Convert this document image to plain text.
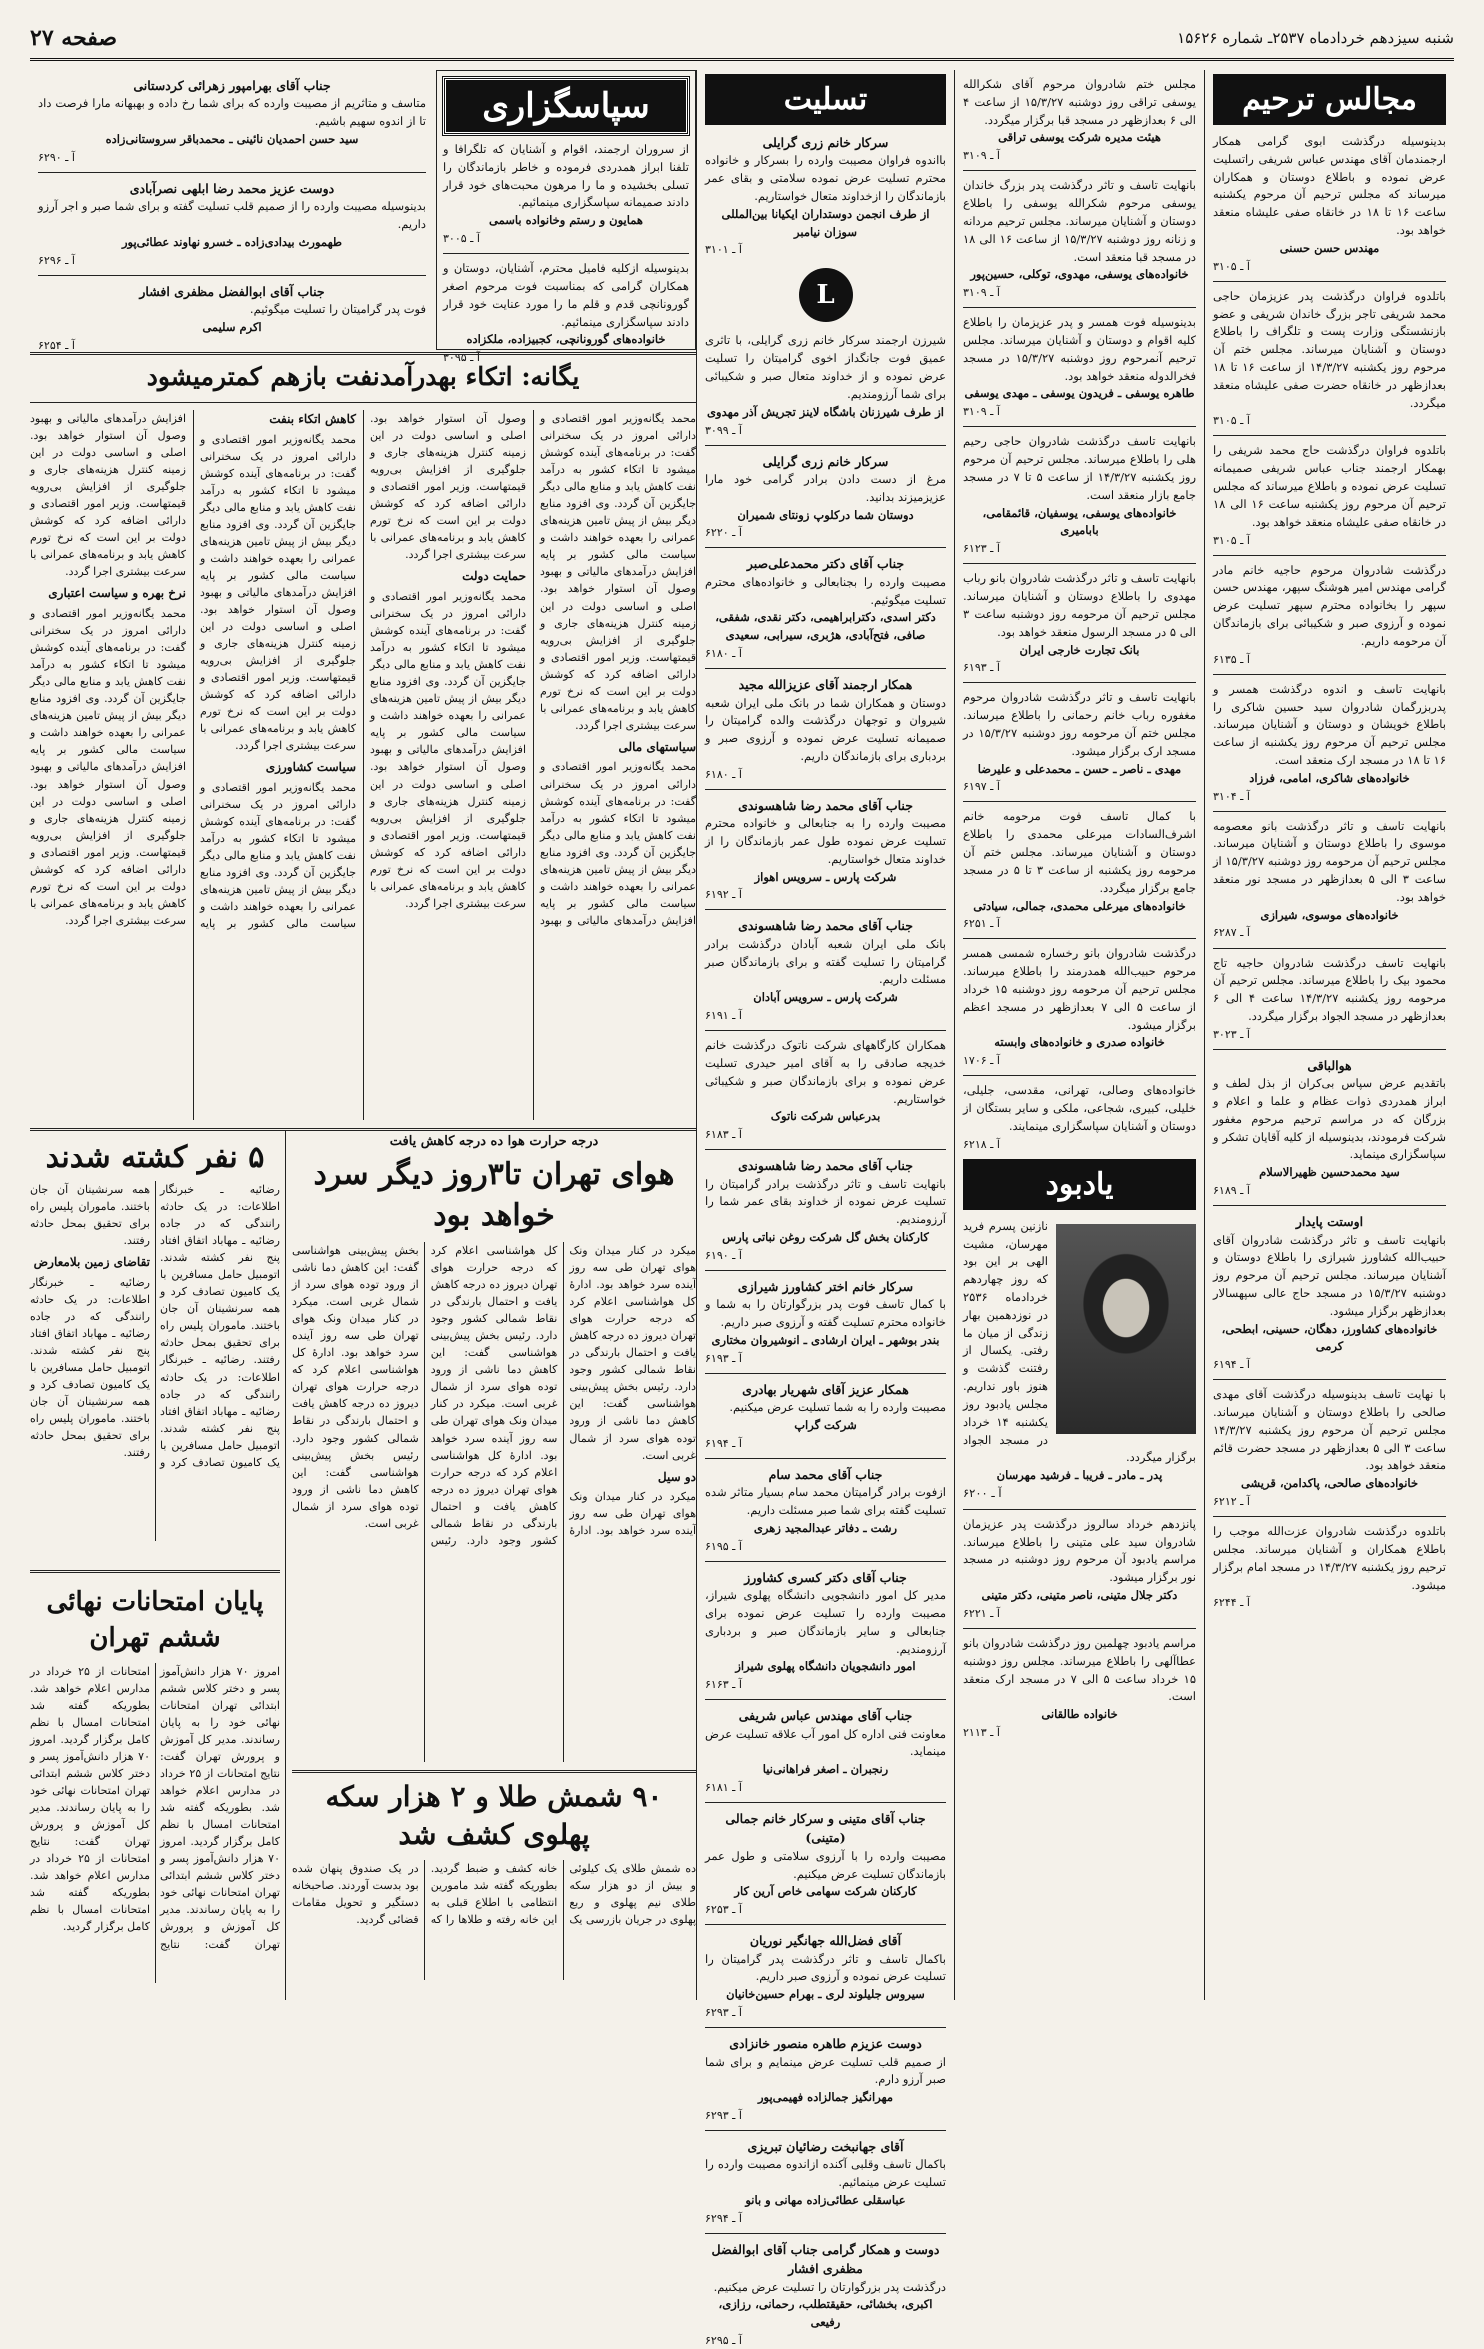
شنبه سیزدهم خردادماه ۲۵۳۷ـ شماره ۱۵۶۲۶
صفحه ۲۷
مجالس ترحیم
بدینوسیله درگذشت ابوی گرامی همکار ارجمندمان آقای مهندس عباس شریفی راتسلیت عرض نموده و باطلاع دوستان و همکاران میرساند که مجلس ترحیم آن مرحوم یکشنبه ساعت ۱۶ تا ۱۸ در خانقاه صفی علیشاه منعقد خواهد بود.
مهندس حسن حسنی
آ ـ ۳۱۰۵
باتلدوه فراوان درگذشت پدر عزیزمان حاجی محمد شریفی تاجر بزرگ خاندان شریفی و عضو بازنشستگی‌ وزارت پست و تلگراف را باطلاع دوستان و آشنایان میرساند. مجلس ختم آن مرحوم روز یکشنبه ۱۴/۳/۲۷ از ساعت ۱۶ تا ۱۸ بعدازظهر در خانقاه حضرت صفی علیشاه منعقد میگردد.
آ ـ ۳۱۰۵
باتلدوه فراوان درگذشت حاج محمد شریفی را بهمکار ارجمند جناب عباس شریفی صمیمانه تسلیت عرض نموده و باطلاع میرساند که مجلس ترحیم آن مرحوم روز یکشنبه ساعت ۱۶ الی ۱۸ در خانقاه صفی علیشاه منعقد خواهد بود.
آ ـ ۳۱۰۵
درگذشت شادروان مرحوم حاجیه خانم مادر گرامی مهندس امیر هوشنگ سپهر، مهندس حسن سپهر را بخانواده محترم سپهر تسلیت عرض نموده و آرزوی صبر و شکیبائی برای بازماندگان آن مرحومه داریم.
آ ـ ۶۱۳۵
بانهایت تاسف و اندوه درگذشت همسر و پدربزرگمان شادروان سید حسین شاکری را باطلاع خویشان و دوستان و آشنایان میرساند. مجلس ترحیم آن مرحوم روز یکشنبه از ساعت ۱۶ تا ۱۸ در مسجد ارک منعقد است.
خانواده‌های شاکری، امامی، فرزاد
آ ـ ۳۱۰۴
بانهایت تاسف و تاثر درگذشت بانو معصومه موسوی را باطلاع دوستان و آشنایان میرساند. مجلس ترحیم آن مرحومه روز دوشنبه ۱۵/۳/۲۷ از ساعت ۳ الی ۵ بعدازظهر در مسجد نور منعقد خواهد بود.
خانواده‌های موسوی، شیرازی
آ ـ ۶۲۸۷
بانهایت تاسف درگذشت شادروان حاجیه تاج محمود بیک را باطلاع میرساند. مجلس ترحیم آن مرحومه روز یکشنبه ۱۴/۳/۲۷ ساعت ۴ الی ۶ بعدازظهر در مسجد الجواد برگزار میگردد.
آ ـ ۳۰۲۳
هوالباقی
باتقدیم عرض سپاس بی‌کران از بذل لطف و ابراز همدردی ذوات عظام و علما و اعلام و بزرگان که در مراسم ترحیم مرحوم مغفور شرکت فرمودند، بدینوسیله از کلیه آقایان تشکر و سپاسگزاری مینماید.
سید محمدحسین ظهیرالاسلام
آ ـ ۶۱۸۹
اوستت پایدار
بانهایت تاسف و تاثر درگذشت شادروان آقای حبیب‌الله کشاورز شیرازی را باطلاع دوستان و آشنایان میرساند. مجلس ترحیم آن مرحوم روز دوشنبه ۱۵/۳/۲۷ در مسجد حاج عالی سپهسالار بعدازظهر برگزار میشود.
خانواده‌های کشاورز، دهگان، حسینی، ابطحی، کرمی
آ ـ ۶۱۹۴
با نهایت تاسف بدینوسیله درگذشت آقای مهدی صالحی را باطلاع دوستان و آشنایان میرساند. مجلس ترحیم آن مرحوم روز یکشنبه ۱۴/۳/۲۷ ساعت ۳ الی ۵ بعدازظهر در مسجد حضرت قائم منعقد خواهد بود.
خانواده‌های صالحی، پاکدامن، قریشی
آ ـ ۶۲۱۲
باتلدوه درگذشت شادروان عزت‌الله موجب را باطلاع همکاران و آشنایان میرساند. مجلس ترحیم روز یکشنبه ۱۴/۳/۲۷ در مسجد امام برگزار میشود.
آ ـ ۶۲۴۴
مجلس ختم شادروان مرحوم آقای شکرالله یوسفی تراقی روز دوشنبه ۱۵/۳/۲۷ از ساعت ۴ الی ۶ بعدازظهر در مسجد قبا برگزار میگردد.
هیئت مدیره شرکت یوسفی تراقی
آ ـ ۳۱۰۹
بانهایت تاسف و تاثر درگذشت پدر بزرگ خاندان یوسفی مرحوم شکرالله یوسفی را باطلاع دوستان و آشنایان میرساند. مجلس ترحیم مردانه و زنانه روز دوشنبه ۱۵/۳/۲۷ از ساعت ۱۶ الی ۱۸ در مسجد قبا منعقد است.
خانواده‌های یوسفی، مهدوی، توکلی، حسین‌پور
آ ـ ۳۱۰۹
بدینوسیله فوت همسر و پدر عزیزمان را باطلاع کلیه اقوام و دوستان و آشنایان میرساند. مجلس ترحیم آنمرحوم روز دوشنبه ۱۵/۳/۲۷ در مسجد فخرالدوله منعقد خواهد بود.
طاهره یوسفی ـ فریدون یوسفی ـ مهدی یوسفی
آ ـ ۳۱۰۹
بانهایت تاسف درگذشت شادروان حاجی رحیم هلی را باطلاع میرساند. مجلس ترحیم آن مرحوم روز یکشنبه ۱۴/۳/۲۷ از ساعت ۵ تا ۷ در مسجد جامع بازار منعقد است.
خانواده‌های یوسفی، یوسفیان، قائمقامی، بابامیری
آ ـ ۶۱۲۳
بانهایت تاسف و تاثر درگذشت شادروان بانو رباب مهدوی را باطلاع دوستان و آشنایان میرساند. مجلس ترحیم آن مرحومه روز دوشنبه ساعت ۳ الی ۵ در مسجد الرسول منعقد خواهد بود.
بانک تجارت خارجی ایران
آ ـ ۶۱۹۳
بانهایت تاسف و تاثر درگذشت شادروان مرحوم مغفوره رباب خانم رحمانی را باطلاع میرساند. مجلس ختم آن مرحومه روز دوشنبه ۱۵/۳/۲۷ در مسجد ارک برگزار میشود.
مهدی ـ ناصر ـ حسن ـ محمدعلی و علیرضا
آ ـ ۶۱۹۷
با کمال تاسف فوت مرحومه خانم اشرف‌السادات میرعلی محمدی را باطلاع دوستان و آشنایان میرساند. مجلس ختم آن مرحومه روز یکشنبه از ساعت ۳ تا ۵ در مسجد جامع برگزار میگردد.
خانواده‌های میرعلی محمدی، جمالی، سیادتی
آ ـ ۶۲۵۱
درگذشت شادروان بانو رخساره شمسی همسر مرحوم حبیب‌الله همدرمند را باطلاع میرساند. مجلس ترحیم آن مرحومه روز دوشنبه ۱۵ خرداد از ساعت ۵ الی ۷ بعدازظهر در مسجد اعظم برگزار میشود.
خانواده صدری و خانواده‌های وابسته
آ ـ ۱۷۰۶
خانواده‌های وصالی، تهرانی، مقدسی، جلیلی، خلیلی، کبیری، شجاعی، ملکی و سایر بستگان از دوستان و آشنایان سپاسگزاری مینمایند.
آ ـ ۶۲۱۸
یادبود
نازنین پسرم فرید مهرسان، مشیت الهی بر این بود که روز چهاردهم خردادماه ۲۵۳۶ در نوزدهمین بهار زندگی از میان ما رفتی. یکسال از رفتنت گذشت و هنوز باور نداریم. مجلس یادبود روز یکشنبه ۱۴ خرداد در مسجد الجواد برگزار میگردد.
پدر ـ مادر ـ فریبا ـ فرشید مهرسان
آ ـ ۶۲۰۰
پانزدهم خرداد سالروز درگذشت پدر عزیزمان شادروان سید علی متینی را باطلاع میرساند. مراسم یادبود آن مرحوم روز دوشنبه در مسجد نور برگزار میشود.
دکتر جلال متینی، ناصر متینی، دکتر متینی
آ ـ ۶۲۲۱
مراسم یادبود چهلمین روز درگذشت شادروان بانو عطاآلهی را باطلاع میرساند. مجلس روز دوشنبه ۱۵ خرداد ساعت ۵ الی ۷ در مسجد ارک منعقد است.
خانواده طالقانی
آ ـ ۲۱۱۳
تسلیت
سرکار خانم زری گرایلی
بااندوه فراوان مصیبت وارده را بسرکار و خانواده محترم تسلیت عرض نموده سلامتی و بقای عمر بازماندگان را ازخداوند متعال خواستاریم.
از طرف انجمن دوستداران ایکیانا بین‌المللی سوزان نیامبر
آ ـ ۳۱۰۱
L
شیرزن ارجمند سرکار خانم زری گرایلی، با تاثری عمیق فوت جانگداز اخوی گرامیتان را تسلیت عرض نموده و از خداوند متعال صبر و شکیبائی برای شما آرزومندیم.
از طرف شیرزنان باشگاه لاینز تجریش آذر مهدوی
آ ـ ۳۰۹۹
سرکار خانم زری گرایلی
مرغ از دست دادن برادر گرامی خود مارا عزیزمیزند بدانید.
دوستان شما درکلوپ زونتای شمیران
آ ـ ۶۲۲۰
جناب آقای دکتر محمدعلی‌صبر
مصیبت وارده را بجنابعالی و خانواده‌های محترم تسلیت میگوئیم.
دکتر اسدی، دکترابراهیمی، دکتر نقدی، شفقی، صافی، فتح‌آبادی، هژبری، سیرابی، سعیدی
آ ـ ۶۱۸۰
همکار ارجمند آقای عزیزالله مجید
دوستان و همکاران شما در بانک ملی ایران شعبه شیروان و توجهان درگذشت والده گرامیتان را صمیمانه تسلیت عرض نموده و آرزوی صبر و بردباری برای بازماندگان داریم.
آ ـ ۶۱۸۰
جناب آقای محمد رضا شاهسوندی
مصیبت وارده را به جنابعالی و خانواده محترم تسلیت عرض نموده طول عمر بازماندگان را از خداوند متعال خواستاریم.
شرکت پارس ـ سرویس اهواز
آ ـ ۶۱۹۲
جناب آقای محمد رضا شاهسوندی
بانک ملی ایران شعبه آبادان درگذشت برادر گرامیتان را تسلیت گفته و برای بازماندگان صبر مسئلت داریم.
شرکت پارس ـ سرویس آبادان
آ ـ ۶۱۹۱
همکاران کارگاههای شرکت ناتوک درگذشت خانم خدیجه صادقی را به آقای امیر حیدری تسلیت عرض نموده و برای بازماندگان صبر و شکیبائی خواستاریم.
بدرعباس شرکت ناتوک
آ ـ ۶۱۸۳
جناب آقای محمد رضا شاهسوندی
بانهایت تاسف و تاثر درگذشت برادر گرامیتان را تسلیت عرض نموده از خداوند بقای عمر شما را آرزومندیم.
کارکنان بخش گل شرکت روغن نباتی پارس
آ ـ ۶۱۹۰
سرکار خانم اختر کشاورز شیرازی
با کمال تاسف فوت پدر بزرگوارتان را به شما و خانواده محترم تسلیت گفته و آرزوی صبر داریم.
بندر بوشهر ـ ایران ارشادی ـ انوشیروان مختاری
آ ـ ۶۱۹۳
همکار عزیز آقای شهریار بهادری
مصیبت وارده را به شما تسلیت عرض میکنیم.
شرکت گراپ
آ ـ ۶۱۹۴
جناب آقای محمد سام
ازفوت برادر گرامیتان محمد سام بسیار متاثر شده تسلیت گفته برای شما صبر مسئلت داریم.
رشت ـ دفاتر عبدالمجید زهری
آ ـ ۶۱۹۵
جناب آقای دکتر کسری کشاورز
مدیر کل امور دانشجویی دانشگاه پهلوی شیراز، مصیبت وارده را تسلیت عرض نموده برای جنابعالی و سایر بازماندگان صبر و بردباری آرزومندیم.
امور دانشجویان دانشگاه پهلوی شیراز
آ ـ ۶۱۶۳
جناب آقای مهندس عباس شریفی
معاونت فنی اداره کل امور آب علاقه تسلیت عرض مینماید.
رنجبران ـ اصغر فراهانی‌نیا
آ ـ ۶۱۸۱
جناب آقای متینی و سرکار خانم جمالی (متینی)
مصیبت وارده را با آرزوی سلامتی و طول عمر بازماندگان تسلیت عرض میکنیم.
کارکنان شرکت سهامی خاص آرین کار
آ ـ ۶۲۵۳
آقای فضل‌الله جهانگیر نوریان
باکمال تاسف و تاثر درگذشت پدر گرامیتان را تسلیت عرض نموده و آرزوی صبر داریم.
سیروس جلیلوند لری ـ بهرام حسین‌خانیان
آ ـ ۶۲۹۳
دوست عزیزم طاهره منصور خانزادی
از صمیم قلب تسلیت عرض مینمایم و برای شما صبر آرزو دارم.
مهرانگیز جمالزاده فهیمی‌پور
آ ـ ۶۲۹۳
آقای جهانبخت رضائیان تبریزی
باکمال تاسف وقلبی آکنده ازاندوه مصیبت وارده را تسلیت عرض مینمائیم.
عباسقلی عطائی‌زاده مهانی و بانو
آ ـ ۶۲۹۴
دوست و همکار گرامی جناب آقای ابوالفضل مظفری افشار
درگذشت پدر بزرگوارتان را تسلیت عرض میکنیم.
اکبری، بخشائی، حقیقتطلب، رحمانی، رزازی، رفیعی
آ ـ ۶۲۹۵
سپاسگزاری
از سروران ارجمند، اقوام و آشنایان که تلگرافا و تلفنا ابراز همدردی فرموده و خاطر بازماندگان را تسلی بخشیده و ما را مرهون محبت‌های خود قرار دادند صمیمانه سپاسگزاری مینمائیم.
همایون و رستم وخانواده باسمی
آ ـ ۳۰۰۵
بدینوسیله ازکلیه فامیل محترم، آشنایان، دوستان و همکاران گرامی که بمناسبت فوت مرحوم اصغر گورونانچی قدم و قلم ما را مورد عنایت خود قرار دادند سپاسگزاری مینمائیم.
خانواده‌های گورونانچی، کجبیزاده، ملکزاده
آ ـ ۳۰۹۵
جناب آقای بهرامپور زهرائی کردستانی
متاسف و متاثریم از مصیبت وارده که برای شما رخ داده و بهبهانه مارا فرصت داد تا از اندوه سهیم باشیم.
سید حسن احمدیان نائینی ـ محمدباقر سروستانی‌زاده
آ ـ ۶۲۹۰
دوست عزیز محمد رضا ابلهی نصرآبادی
بدینوسیله مصیبت وارده را از صمیم قلب تسلیت گفته و برای شما صبر و اجر آرزو داریم.
طهمورث بیدادی‌زاده ـ خسرو نهاوند عطائی‌پور
آ ـ ۶۲۹۶
جناب آقای ابوالفضل مظفری افشار
فوت پدر گرامیتان را تسلیت میگوئیم.
اکرم سلیمی
آ ـ ۶۲۵۴
یگانه: اتکاء بهدرآمدنفت بازهم کمترمیشود
محمد یگانه‌وزیر امور اقتصادی و دارائی امروز در یک سخنرانی گفت: در برنامه‌های آینده کوشش میشود تا اتکاء کشور به درآمد نفت کاهش یابد و منابع مالی دیگر جایگزین آن گردد. وی افزود منابع دیگر بیش از پیش تامین هزینه‌های عمرانی را بعهده خواهند داشت و سیاست مالی کشور بر پایه افزایش درآمدهای مالیاتی و بهبود وصول آن استوار خواهد بود. اصلی و اساسی دولت در این زمینه کنترل هزینه‌های جاری و جلوگیری از افزایش بی‌رویه قیمتهاست. وزیر امور اقتصادی و دارائی اضافه کرد که کوشش دولت بر این است که نرخ تورم کاهش یابد و برنامه‌های عمرانی با سرعت بیشتری اجرا گردد.
سیاستهای مالی
محمد یگانه‌وزیر امور اقتصادی و دارائی امروز در یک سخنرانی گفت: در برنامه‌های آینده کوشش میشود تا اتکاء کشور به درآمد نفت کاهش یابد و منابع مالی دیگر جایگزین آن گردد. وی افزود منابع دیگر بیش از پیش تامین هزینه‌های عمرانی را بعهده خواهند داشت و سیاست مالی کشور بر پایه افزایش درآمدهای مالیاتی و بهبود وصول آن استوار خواهد بود. اصلی و اساسی دولت در این زمینه کنترل هزینه‌های جاری و جلوگیری از افزایش بی‌رویه قیمتهاست. وزیر امور اقتصادی و دارائی اضافه کرد که کوشش دولت بر این است که نرخ تورم کاهش یابد و برنامه‌های عمرانی با سرعت بیشتری اجرا گردد.
حمایت دولت
محمد یگانه‌وزیر امور اقتصادی و دارائی امروز در یک سخنرانی گفت: در برنامه‌های آینده کوشش میشود تا اتکاء کشور به درآمد نفت کاهش یابد و منابع مالی دیگر جایگزین آن گردد. وی افزود منابع دیگر بیش از پیش تامین هزینه‌های عمرانی را بعهده خواهند داشت و سیاست مالی کشور بر پایه افزایش درآمدهای مالیاتی و بهبود وصول آن استوار خواهد بود. اصلی و اساسی دولت در این زمینه کنترل هزینه‌های جاری و جلوگیری از افزایش بی‌رویه قیمتهاست. وزیر امور اقتصادی و دارائی اضافه کرد که کوشش دولت بر این است که نرخ تورم کاهش یابد و برنامه‌های عمرانی با سرعت بیشتری اجرا گردد.
کاهش اتکاء بنفت
محمد یگانه‌وزیر امور اقتصادی و دارائی امروز در یک سخنرانی گفت: در برنامه‌های آینده کوشش میشود تا اتکاء کشور به درآمد نفت کاهش یابد و منابع مالی دیگر جایگزین آن گردد. وی افزود منابع دیگر بیش از پیش تامین هزینه‌های عمرانی را بعهده خواهند داشت و سیاست مالی کشور بر پایه افزایش درآمدهای مالیاتی و بهبود وصول آن استوار خواهد بود. اصلی و اساسی دولت در این زمینه کنترل هزینه‌های جاری و جلوگیری از افزایش بی‌رویه قیمتهاست. وزیر امور اقتصادی و دارائی اضافه کرد که کوشش دولت بر این است که نرخ تورم کاهش یابد و برنامه‌های عمرانی با سرعت بیشتری اجرا گردد.
سیاست کشاورزی
محمد یگانه‌وزیر امور اقتصادی و دارائی امروز در یک سخنرانی گفت: در برنامه‌های آینده کوشش میشود تا اتکاء کشور به درآمد نفت کاهش یابد و منابع مالی دیگر جایگزین آن گردد. وی افزود منابع دیگر بیش از پیش تامین هزینه‌های عمرانی را بعهده خواهند داشت و سیاست مالی کشور بر پایه افزایش درآمدهای مالیاتی و بهبود وصول آن استوار خواهد بود. اصلی و اساسی دولت در این زمینه کنترل هزینه‌های جاری و جلوگیری از افزایش بی‌رویه قیمتهاست. وزیر امور اقتصادی و دارائی اضافه کرد که کوشش دولت بر این است که نرخ تورم کاهش یابد و برنامه‌های عمرانی با سرعت بیشتری اجرا گردد.
نرخ بهره و سیاست اعتباری
محمد یگانه‌وزیر امور اقتصادی و دارائی امروز در یک سخنرانی گفت: در برنامه‌های آینده کوشش میشود تا اتکاء کشور به درآمد نفت کاهش یابد و منابع مالی دیگر جایگزین آن گردد. وی افزود منابع دیگر بیش از پیش تامین هزینه‌های عمرانی را بعهده خواهند داشت و سیاست مالی کشور بر پایه افزایش درآمدهای مالیاتی و بهبود وصول آن استوار خواهد بود. اصلی و اساسی دولت در این زمینه کنترل هزینه‌های جاری و جلوگیری از افزایش بی‌رویه قیمتهاست. وزیر امور اقتصادی و دارائی اضافه کرد که کوشش دولت بر این است که نرخ تورم کاهش یابد و برنامه‌های عمرانی با سرعت بیشتری اجرا گردد.
درجه حرارت هوا ده درجه کاهش یافت
هوای تهران تا۳روز دیگر سرد خواهد بود
میکرد در کنار میدان ونک هوای تهران طی سه روز آینده سرد خواهد بود. ادارهٔ کل هواشناسی اعلام کرد که درجه حرارت هوای تهران دیروز ده درجه کاهش یافت و احتمال بارندگی در نقاط شمالی کشور وجود دارد. رئیس بخش پیش‌بینی هواشناسی گفت: این کاهش دما ناشی از ورود توده هوای سرد از شمال غربی است.
دو سیل
میکرد در کنار میدان ونک هوای تهران طی سه روز آینده سرد خواهد بود. ادارهٔ کل هواشناسی اعلام کرد که درجه حرارت هوای تهران دیروز ده درجه کاهش یافت و احتمال بارندگی در نقاط شمالی کشور وجود دارد. رئیس بخش پیش‌بینی هواشناسی گفت: این کاهش دما ناشی از ورود توده هوای سرد از شمال غربی است. میکرد در کنار میدان ونک هوای تهران طی سه روز آینده سرد خواهد بود. ادارهٔ کل هواشناسی اعلام کرد که درجه حرارت هوای تهران دیروز ده درجه کاهش یافت و احتمال بارندگی در نقاط شمالی کشور وجود دارد. رئیس بخش پیش‌بینی هواشناسی گفت: این کاهش دما ناشی از ورود توده هوای سرد از شمال غربی است. میکرد در کنار میدان ونک هوای تهران طی سه روز آینده سرد خواهد بود. ادارهٔ کل هواشناسی اعلام کرد که درجه حرارت هوای تهران دیروز ده درجه کاهش یافت و احتمال بارندگی در نقاط شمالی کشور وجود دارد. رئیس بخش پیش‌بینی هواشناسی گفت: این کاهش دما ناشی از ورود توده هوای سرد از شمال غربی است.
۵ نفر کشته شدند
رضائیه ـ خبرنگار اطلاعات: در یک حادثه رانندگی که در جاده رضائیه ـ مهاباد اتفاق افتاد پنج نفر کشته شدند. اتومبیل حامل مسافرین با یک کامیون تصادف کرد و همه سرنشینان آن جان باختند. ماموران پلیس راه برای تحقیق بمحل حادثه رفتند. رضائیه ـ خبرنگار اطلاعات: در یک حادثه رانندگی که در جاده رضائیه ـ مهاباد اتفاق افتاد پنج نفر کشته شدند. اتومبیل حامل مسافرین با یک کامیون تصادف کرد و همه سرنشینان آن جان باختند. ماموران پلیس راه برای تحقیق بمحل حادثه رفتند.
تقاضای زمین بلامعارض
رضائیه ـ خبرنگار اطلاعات: در یک حادثه رانندگی که در جاده رضائیه ـ مهاباد اتفاق افتاد پنج نفر کشته شدند. اتومبیل حامل مسافرین با یک کامیون تصادف کرد و همه سرنشینان آن جان باختند. ماموران پلیس راه برای تحقیق بمحل حادثه رفتند.
پایان امتحانات نهائی ششم تهران
امروز ۷۰ هزار دانش‌آموز پسر و دختر کلاس ششم ابتدائی تهران امتحانات نهائی خود را به پایان رساندند. مدیر کل آموزش و پرورش تهران گفت: نتایج امتحانات از ۲۵ خرداد در مدارس اعلام خواهد شد. بطوریکه گفته شد امتحانات امسال با نظم کامل برگزار گردید. امروز ۷۰ هزار دانش‌آموز پسر و دختر کلاس ششم ابتدائی تهران امتحانات نهائی خود را به پایان رساندند. مدیر کل آموزش و پرورش تهران گفت: نتایج امتحانات از ۲۵ خرداد در مدارس اعلام خواهد شد. بطوریکه گفته شد امتحانات امسال با نظم کامل برگزار گردید. امروز ۷۰ هزار دانش‌آموز پسر و دختر کلاس ششم ابتدائی تهران امتحانات نهائی خود را به پایان رساندند. مدیر کل آموزش و پرورش تهران گفت: نتایج امتحانات از ۲۵ خرداد در مدارس اعلام خواهد شد. بطوریکه گفته شد امتحانات امسال با نظم کامل برگزار گردید.
۹۰ شمش طلا و ۲ هزار سکه پهلوی کشف شد
ده شمش طلای یک کیلوئی و بیش از دو هزار سکه طلای نیم پهلوی و ربع پهلوی در جریان بازرسی یک خانه کشف و ضبط گردید. بطوریکه گفته شد مامورین انتظامی با اطلاع قبلی به این خانه رفته و طلاها را که در یک صندوق پنهان شده بود بدست آوردند. صاحبخانه دستگیر و تحویل مقامات قضائی گردید.
